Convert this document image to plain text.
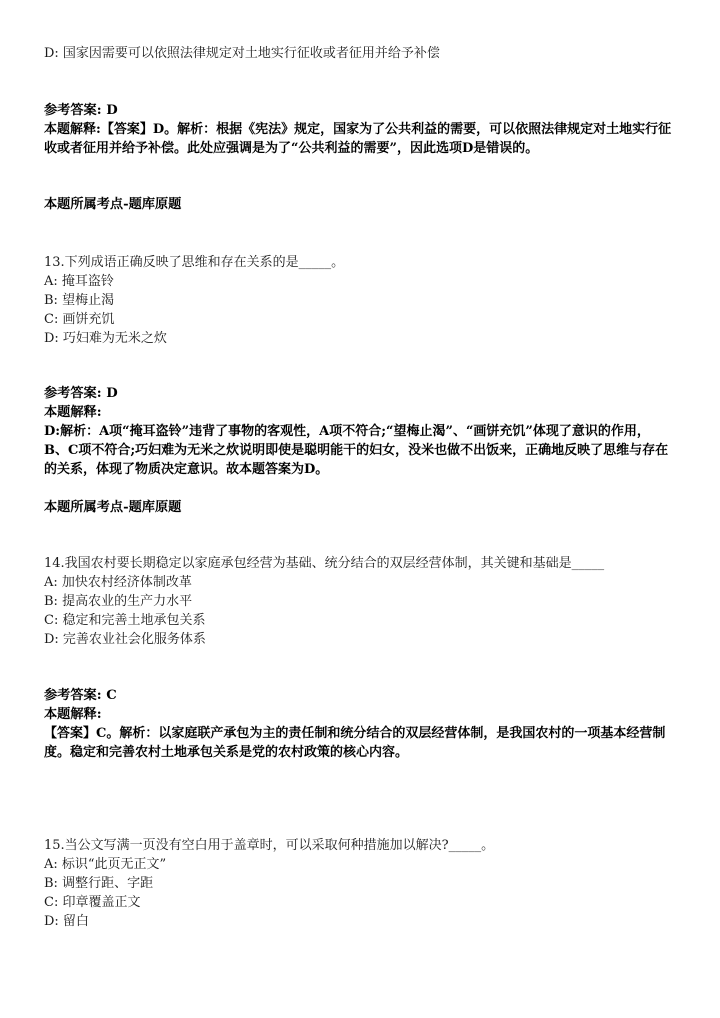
D: 国家因需要可以依照法律规定对土地实行征收或者征用并给予补偿
参考答案: D
本题解释:【答案】D。解析：根据《宪法》规定，国家为了公共利益的需要，可以依照法律规定对土地实行征收或者征用并给予补偿。此处应强调是为了“公共利益的需要”，因此选项D是错误的。
本题所属考点-题库原题
13.下列成语正确反映了思维和存在关系的是_____。
A: 掩耳盗铃
B: 望梅止渴
C: 画饼充饥
D: 巧妇难为无米之炊
参考答案: D
本题解释:
D:解析：A项“掩耳盗铃”违背了事物的客观性，A项不符合;“望梅止渴”、“画饼充饥”体现了意识的作用，B、C项不符合;巧妇难为无米之炊说明即使是聪明能干的妇女，没米也做不出饭来，正确地反映了思维与存在的关系，体现了物质决定意识。故本题答案为D。
本题所属考点-题库原题
14.我国农村要长期稳定以家庭承包经营为基础、统分结合的双层经营体制，其关键和基础是_____
A: 加快农村经济体制改革
B: 提高农业的生产力水平
C: 稳定和完善土地承包关系
D: 完善农业社会化服务体系
参考答案: C
本题解释:
【答案】C。解析：以家庭联产承包为主的责任制和统分结合的双层经营体制，是我国农村的一项基本经营制度。稳定和完善农村土地承包关系是党的农村政策的核心内容。
15.当公文写满一页没有空白用于盖章时，可以采取何种措施加以解决?_____。
A: 标识“此页无正文”
B: 调整行距、字距
C: 印章覆盖正文
D: 留白
